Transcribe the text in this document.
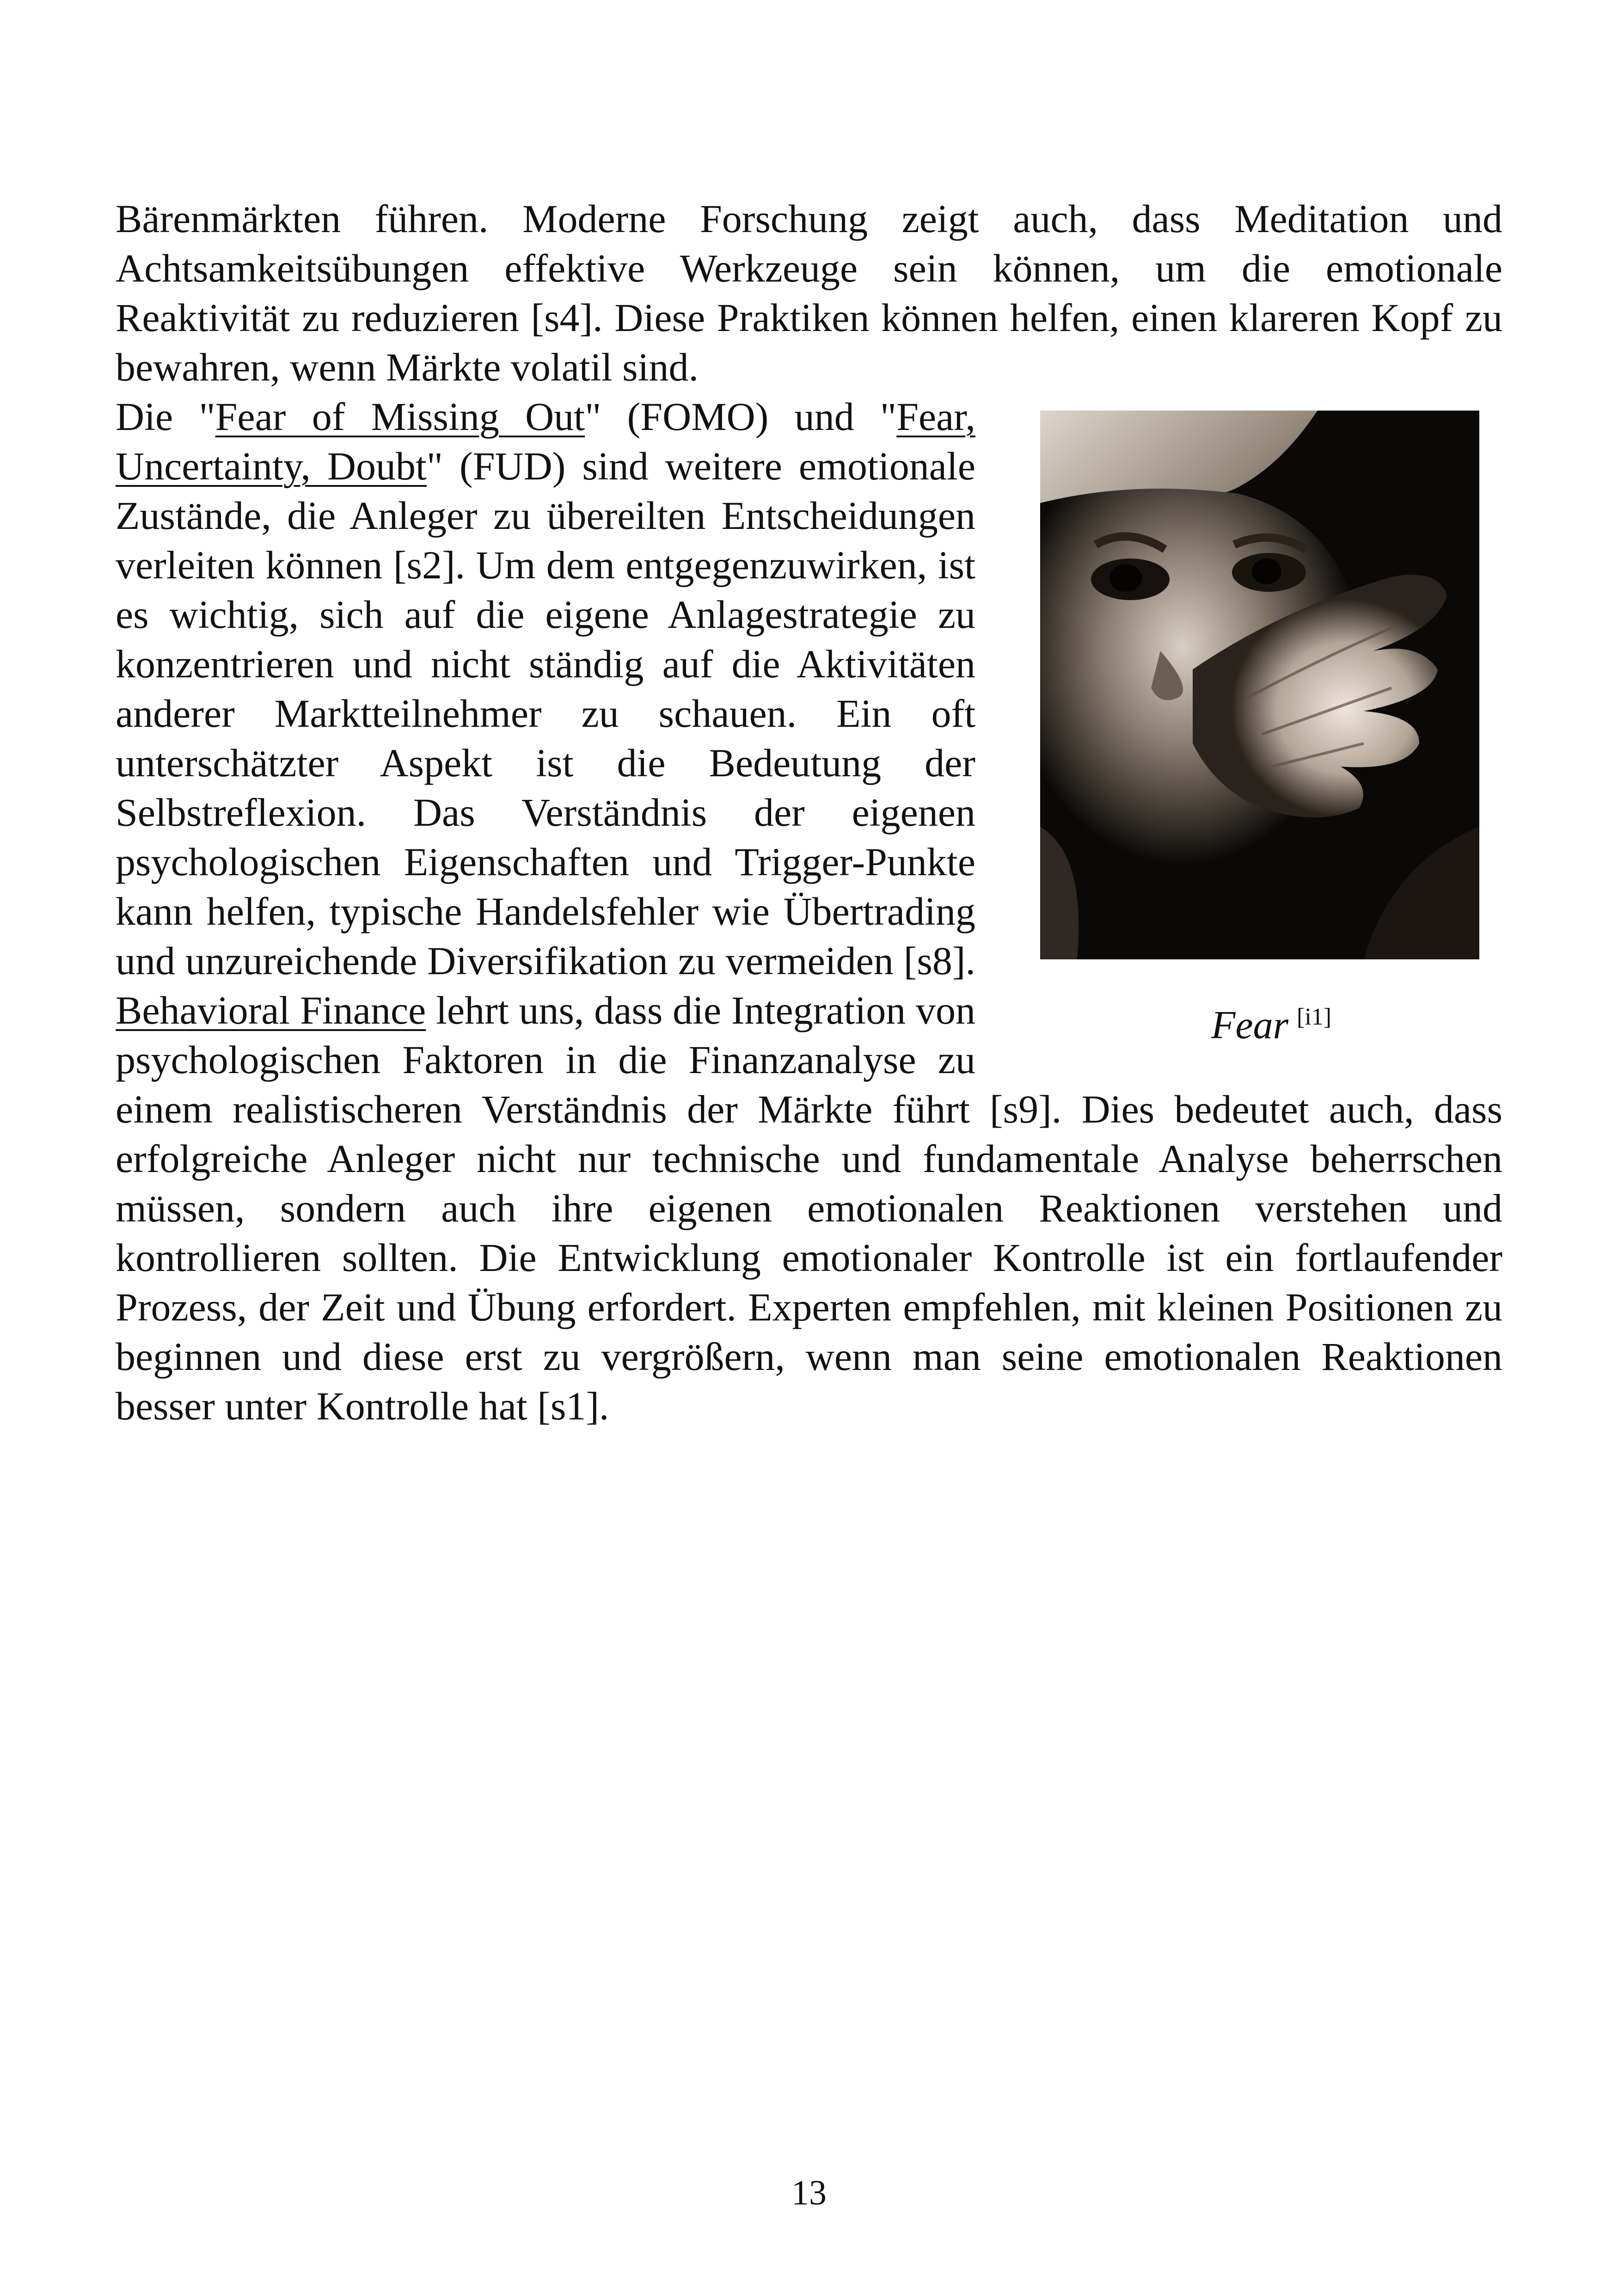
Bärenmärkten führen. Moderne Forschung zeigt auch, dass Meditation und Achtsamkeitsübungen effektive Werkzeuge sein können, um die emotionale Reaktivität zu reduzieren [s4]. Diese Praktiken können helfen, einen klareren Kopf zu bewahren, wenn Märkte volatil sind.

Fear [i1]
Die "Fear of Missing Out" (FOMO) und "Fear, Uncertainty, Doubt" (FUD) sind weitere emotionale Zustände, die Anleger zu übereilten Entscheidungen verleiten können [s2]. Um dem entgegenzuwirken, ist es wichtig, sich auf die eigene Anlagestrategie zu konzentrieren und nicht ständig auf die Aktivitäten anderer Marktteilnehmer zu schauen. Ein oft unterschätzter Aspekt ist die Bedeutung der Selbstreflexion. Das Verständnis der eigenen psychologischen Eigenschaften und Trigger-Punkte kann helfen, typische Handelsfehler wie Übertrading und unzureichende Diversifikation zu vermeiden [s8]. Behavioral Finance lehrt uns, dass die Integration von psychologischen Faktoren in die Finanzanalyse zu einem realistischeren Verständnis der Märkte führt [s9]. Dies bedeutet auch, dass erfolgreiche Anleger nicht nur technische und fundamentale Analyse beherrschen müssen, sondern auch ihre eigenen emotionalen Reaktionen verstehen und kontrollieren sollten. Die Entwicklung emotionaler Kontrolle ist ein fortlaufender Prozess, der Zeit und Übung erfordert. Experten empfehlen, mit kleinen Positionen zu beginnen und diese erst zu vergrößern, wenn man seine emotionalen Reaktionen besser unter Kontrolle hat [s1].

13
